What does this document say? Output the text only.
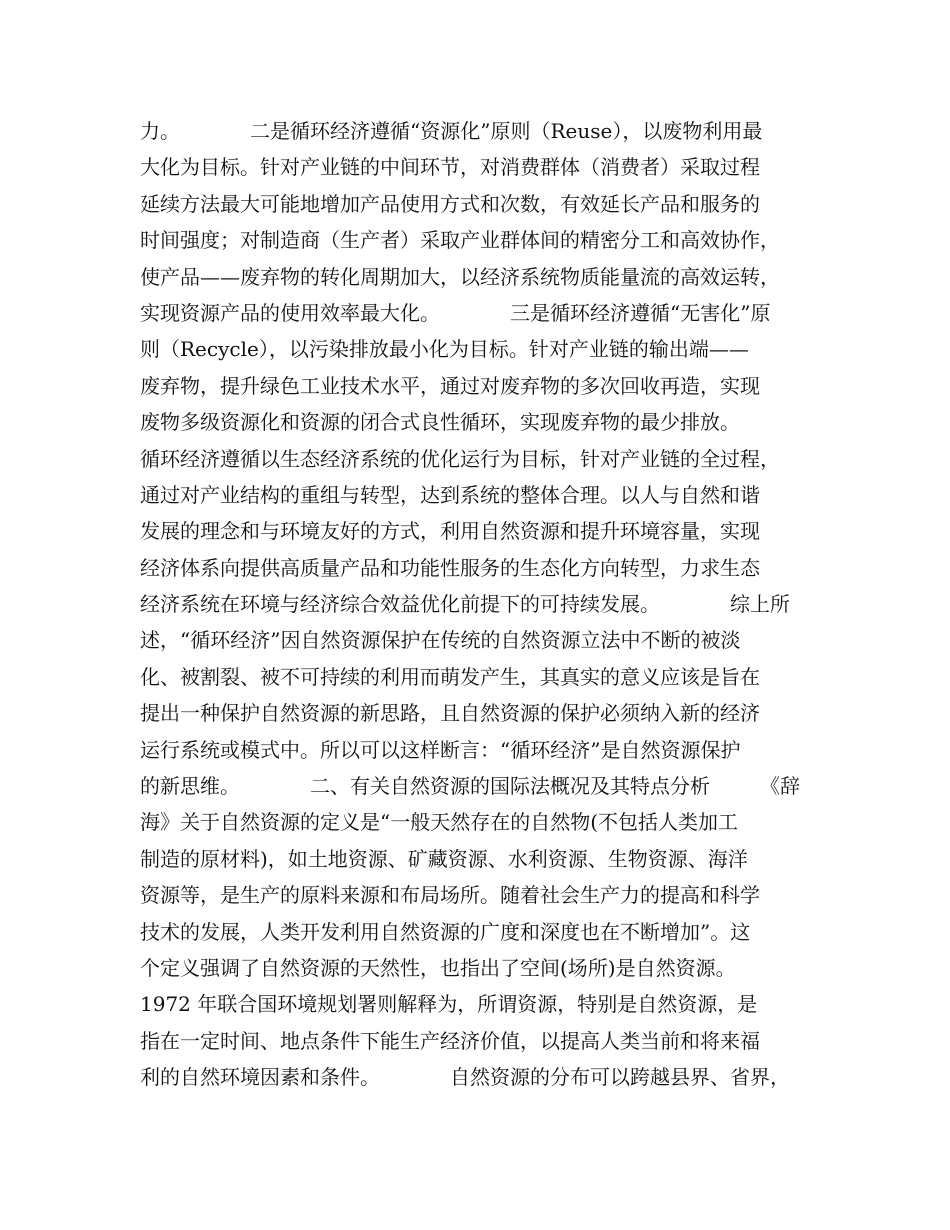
力。　　　　二是循环经济遵循“资源化”原则（Reuse），以废物利用最
大化为目标。针对产业链的中间环节，对消费群体（消费者）采取过程
延续方法最大可能地增加产品使用方式和次数，有效延长产品和服务的
时间强度；对制造商（生产者）采取产业群体间的精密分工和高效协作，
使产品——废弃物的转化周期加大，以经济系统物质能量流的高效运转，
实现资源产品的使用效率最大化。　　　　三是循环经济遵循“无害化”原
则（Recycle），以污染排放最小化为目标。针对产业链的输出端——
废弃物，提升绿色工业技术水平，通过对废弃物的多次回收再造，实现
废物多级资源化和资源的闭合式良性循环，实现废弃物的最少排放。
循环经济遵循以生态经济系统的优化运行为目标，针对产业链的全过程，
通过对产业结构的重组与转型，达到系统的整体合理。以人与自然和谐
发展的理念和与环境友好的方式，利用自然资源和提升环境容量，实现
经济体系向提供高质量产品和功能性服务的生态化方向转型，力求生态
经济系统在环境与经济综合效益优化前提下的可持续发展。　　　　综上所
述，“循环经济”因自然资源保护在传统的自然资源立法中不断的被淡
化、被割裂、被不可持续的利用而萌发产生，其真实的意义应该是旨在
提出一种保护自然资源的新思路，且自然资源的保护必须纳入新的经济
运行系统或模式中。所以可以这样断言：“循环经济”是自然资源保护
的新思维。　　　　二、有关自然资源的国际法概况及其特点分析　　　《辞
海》关于自然资源的定义是“一般天然存在的自然物(不包括人类加工
制造的原材料)，如土地资源、矿藏资源、水利资源、生物资源、海洋
资源等，是生产的原料来源和布局场所。随着社会生产力的提高和科学
技术的发展，人类开发利用自然资源的广度和深度也在不断增加”。这
个定义强调了自然资源的天然性，也指出了空间(场所)是自然资源。
1972 年联合国环境规划署则解释为，所谓资源，特别是自然资源，是
指在一定时间、地点条件下能生产经济价值，以提高人类当前和将来福
利的自然环境因素和条件。　　　　自然资源的分布可以跨越县界、省界，
